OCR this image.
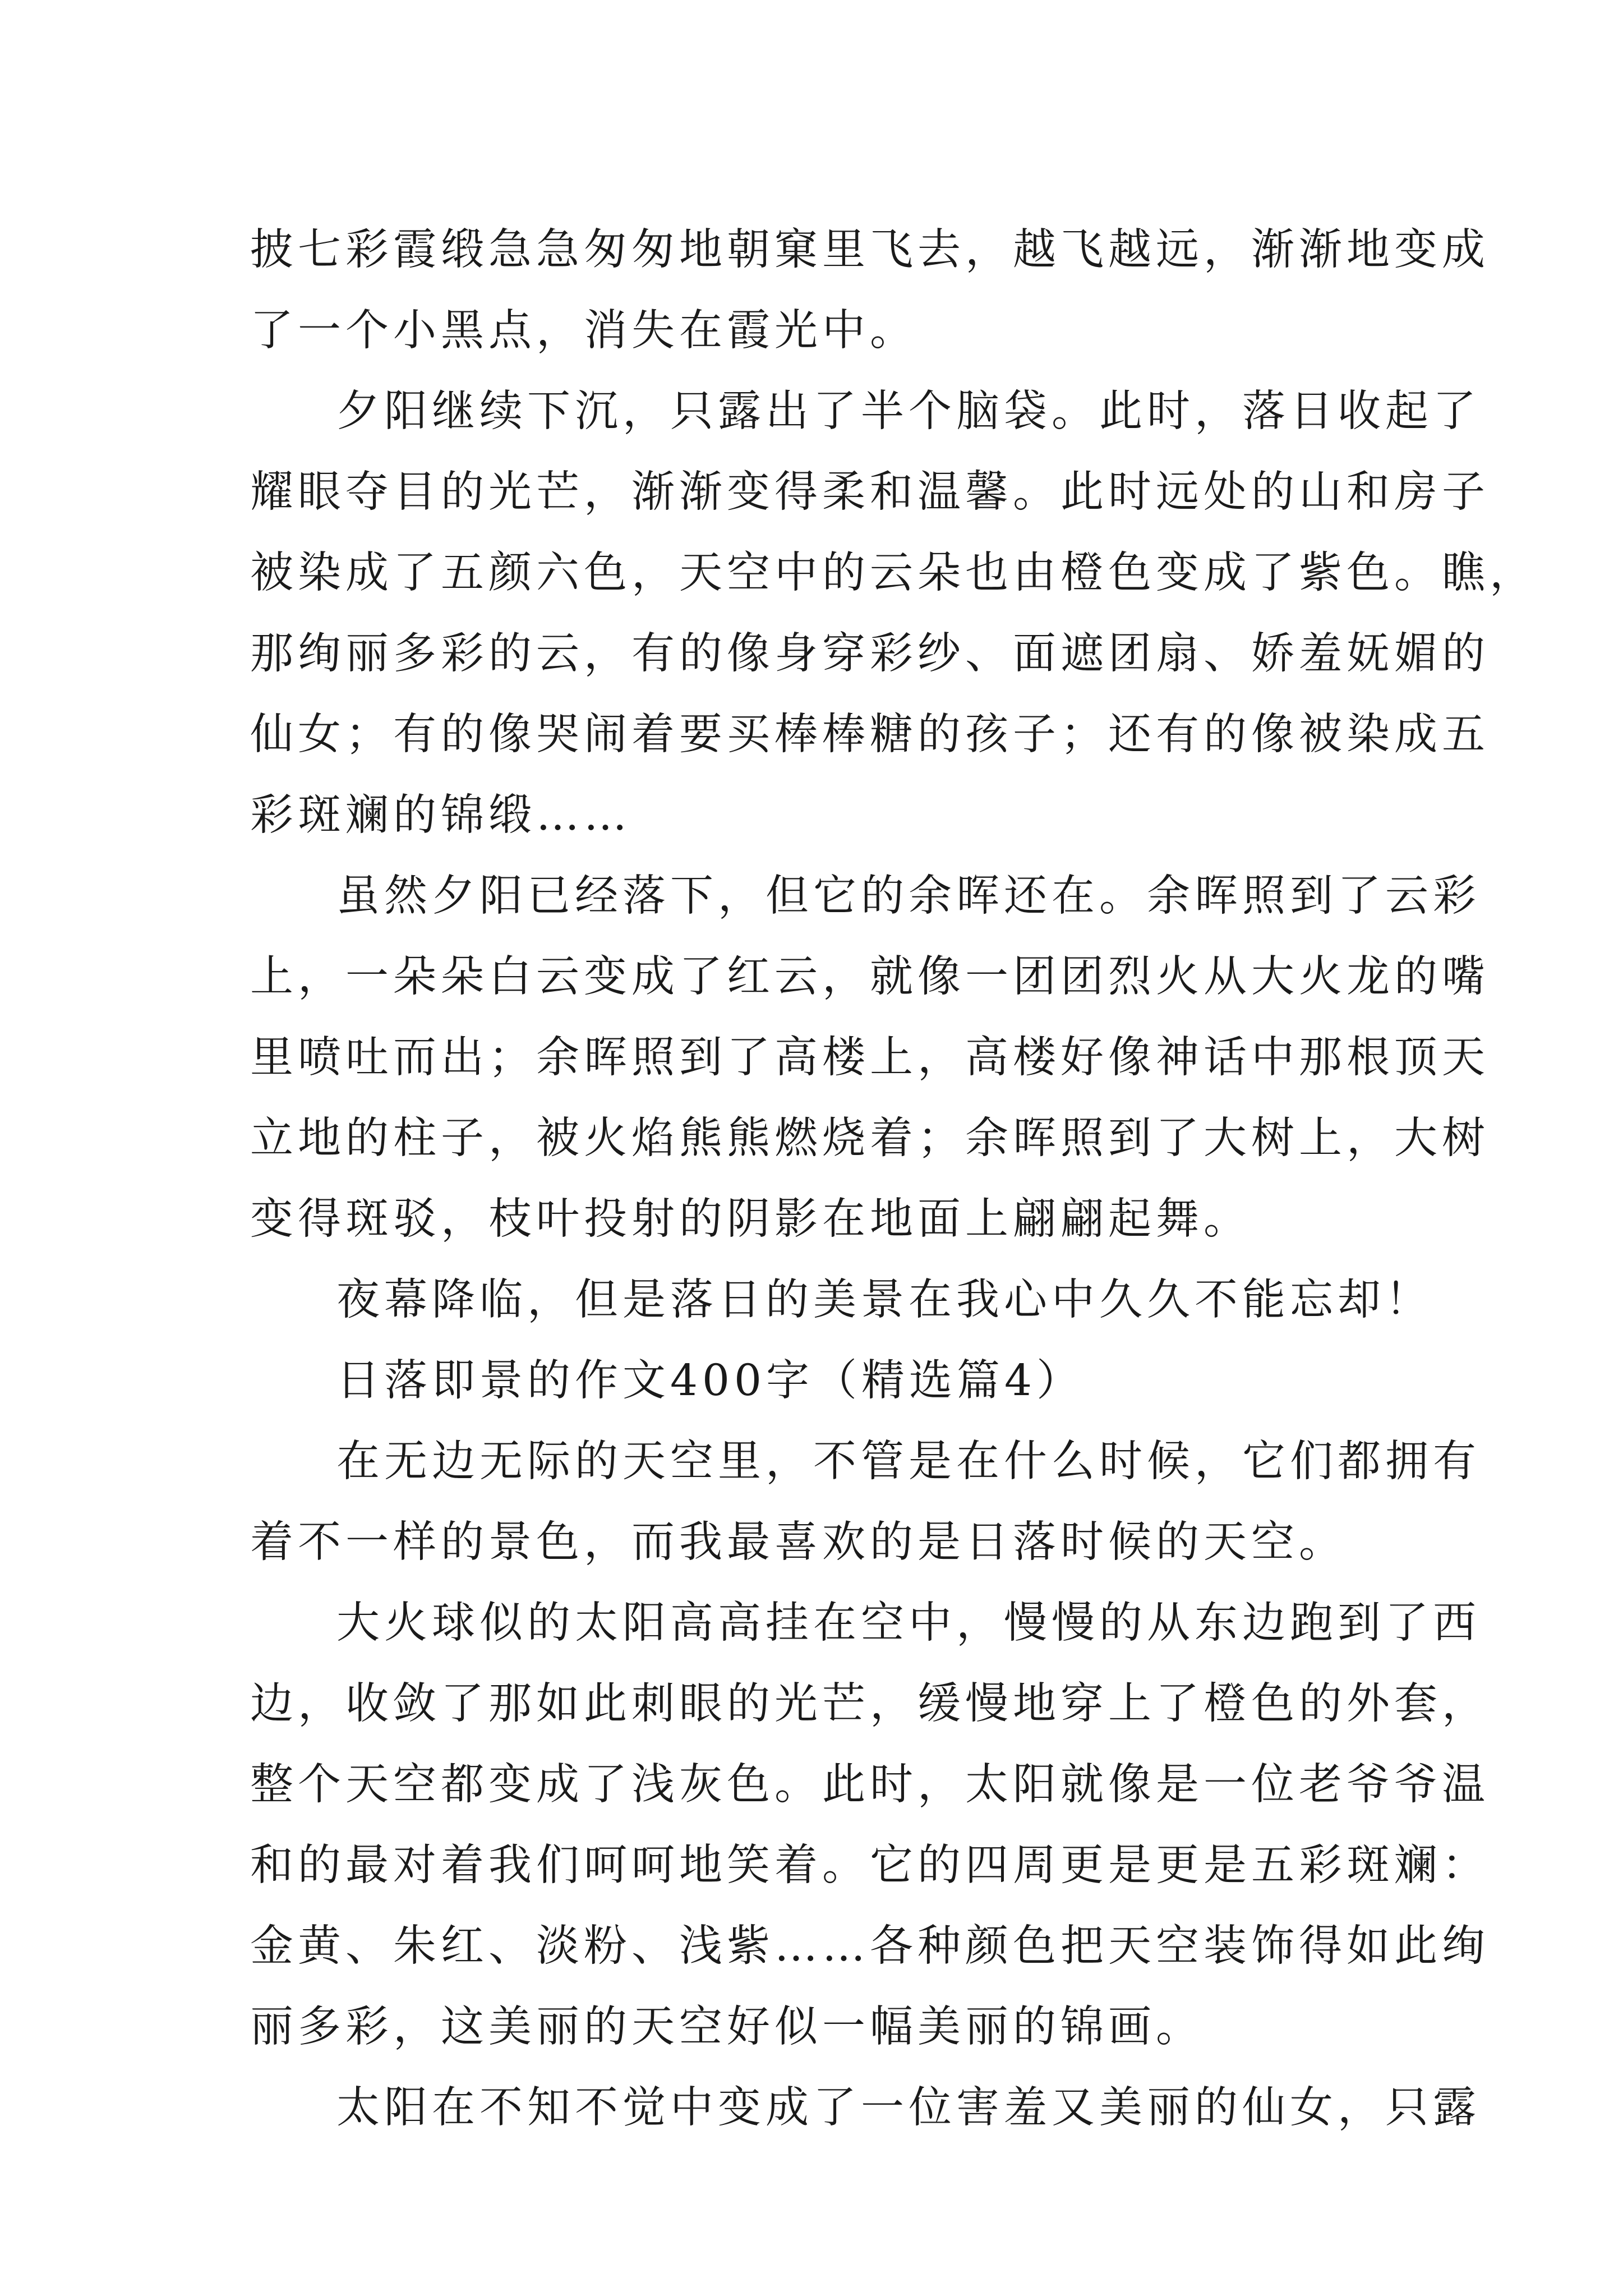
披七彩霞缎急急匆匆地朝窠里飞去，越飞越远，渐渐地变成
了一个小黑点，消失在霞光中。
夕阳继续下沉，只露出了半个脑袋。此时，落日收起了
耀眼夺目的光芒，渐渐变得柔和温馨。此时远处的山和房子
被染成了五颜六色，天空中的云朵也由橙色变成了紫色。瞧，
那绚丽多彩的云，有的像身穿彩纱、面遮团扇、娇羞妩媚的
仙女；有的像哭闹着要买棒棒糖的孩子；还有的像被染成五
彩斑斓的锦缎……
虽然夕阳已经落下，但它的余晖还在。余晖照到了云彩
上，一朵朵白云变成了红云，就像一团团烈火从大火龙的嘴
里喷吐而出；余晖照到了高楼上，高楼好像神话中那根顶天
立地的柱子，被火焰熊熊燃烧着；余晖照到了大树上，大树
变得斑驳，枝叶投射的阴影在地面上翩翩起舞。
夜幕降临，但是落日的美景在我心中久久不能忘却！
日落即景的作文400字（精选篇4）
在无边无际的天空里，不管是在什么时候，它们都拥有
着不一样的景色，而我最喜欢的是日落时候的天空。
大火球似的太阳高高挂在空中，慢慢的从东边跑到了西
边，收敛了那如此刺眼的光芒，缓慢地穿上了橙色的外套，
整个天空都变成了浅灰色。此时，太阳就像是一位老爷爷温
和的最对着我们呵呵地笑着。它的四周更是更是五彩斑斓：
金黄、朱红、淡粉、浅紫……各种颜色把天空装饰得如此绚
丽多彩，这美丽的天空好似一幅美丽的锦画。
太阳在不知不觉中变成了一位害羞又美丽的仙女，只露
